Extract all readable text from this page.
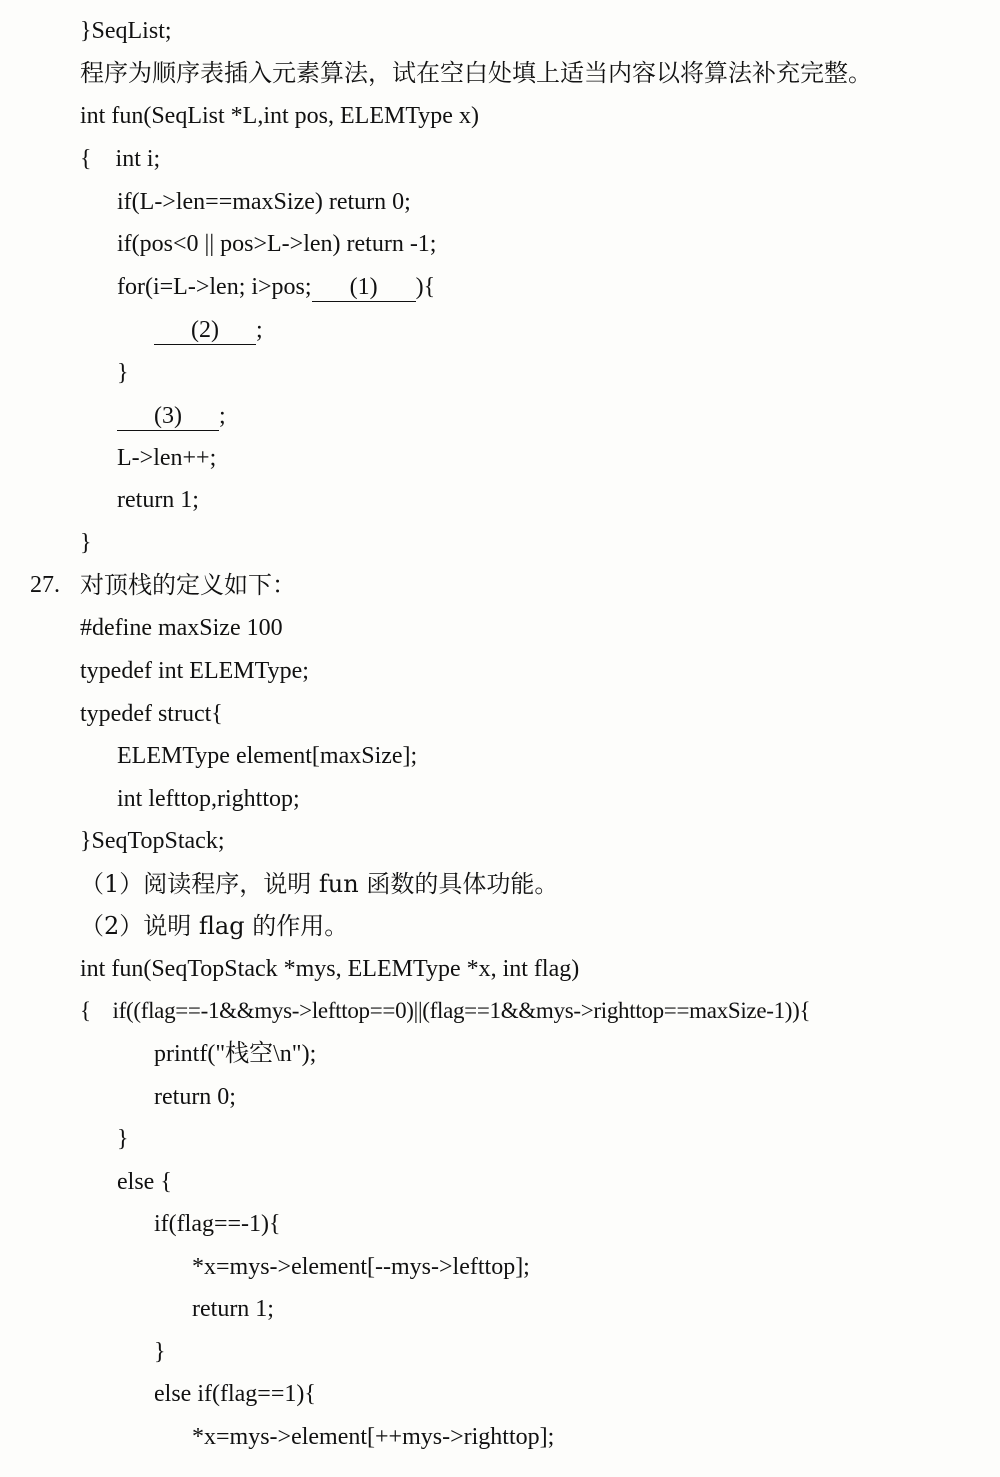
}SeqList;
程序为顺序表插入元素算法，试在空白处填上适当内容以将算法补充完整。
int fun(SeqList *L,int pos, ELEMType x)
{    int i;
if(L->len==maxSize) return 0;
if(pos<0 || pos>L->len) return -1;
for(i=L->len; i>pos; (1) ){
(2) ;
}
(3) ;
L->len++;
return 1;
}
27. 对顶栈的定义如下：
#define maxSize 100
typedef int ELEMType;
typedef struct{
ELEMType element[maxSize];
int lefttop,righttop;
}SeqTopStack;
（1）阅读程序，说明 fun 函数的具体功能。
（2）说明 flag 的作用。
int fun(SeqTopStack *mys, ELEMType *x, int flag)
{    if((flag==-1&&mys->lefttop==0)||(flag==1&&mys->righttop==maxSize-1)){
printf("栈空\n");
return 0;
}
else {
if(flag==-1){
*x=mys->element[--mys->lefttop];
return 1;
}
else if(flag==1){
*x=mys->element[++mys->righttop];
